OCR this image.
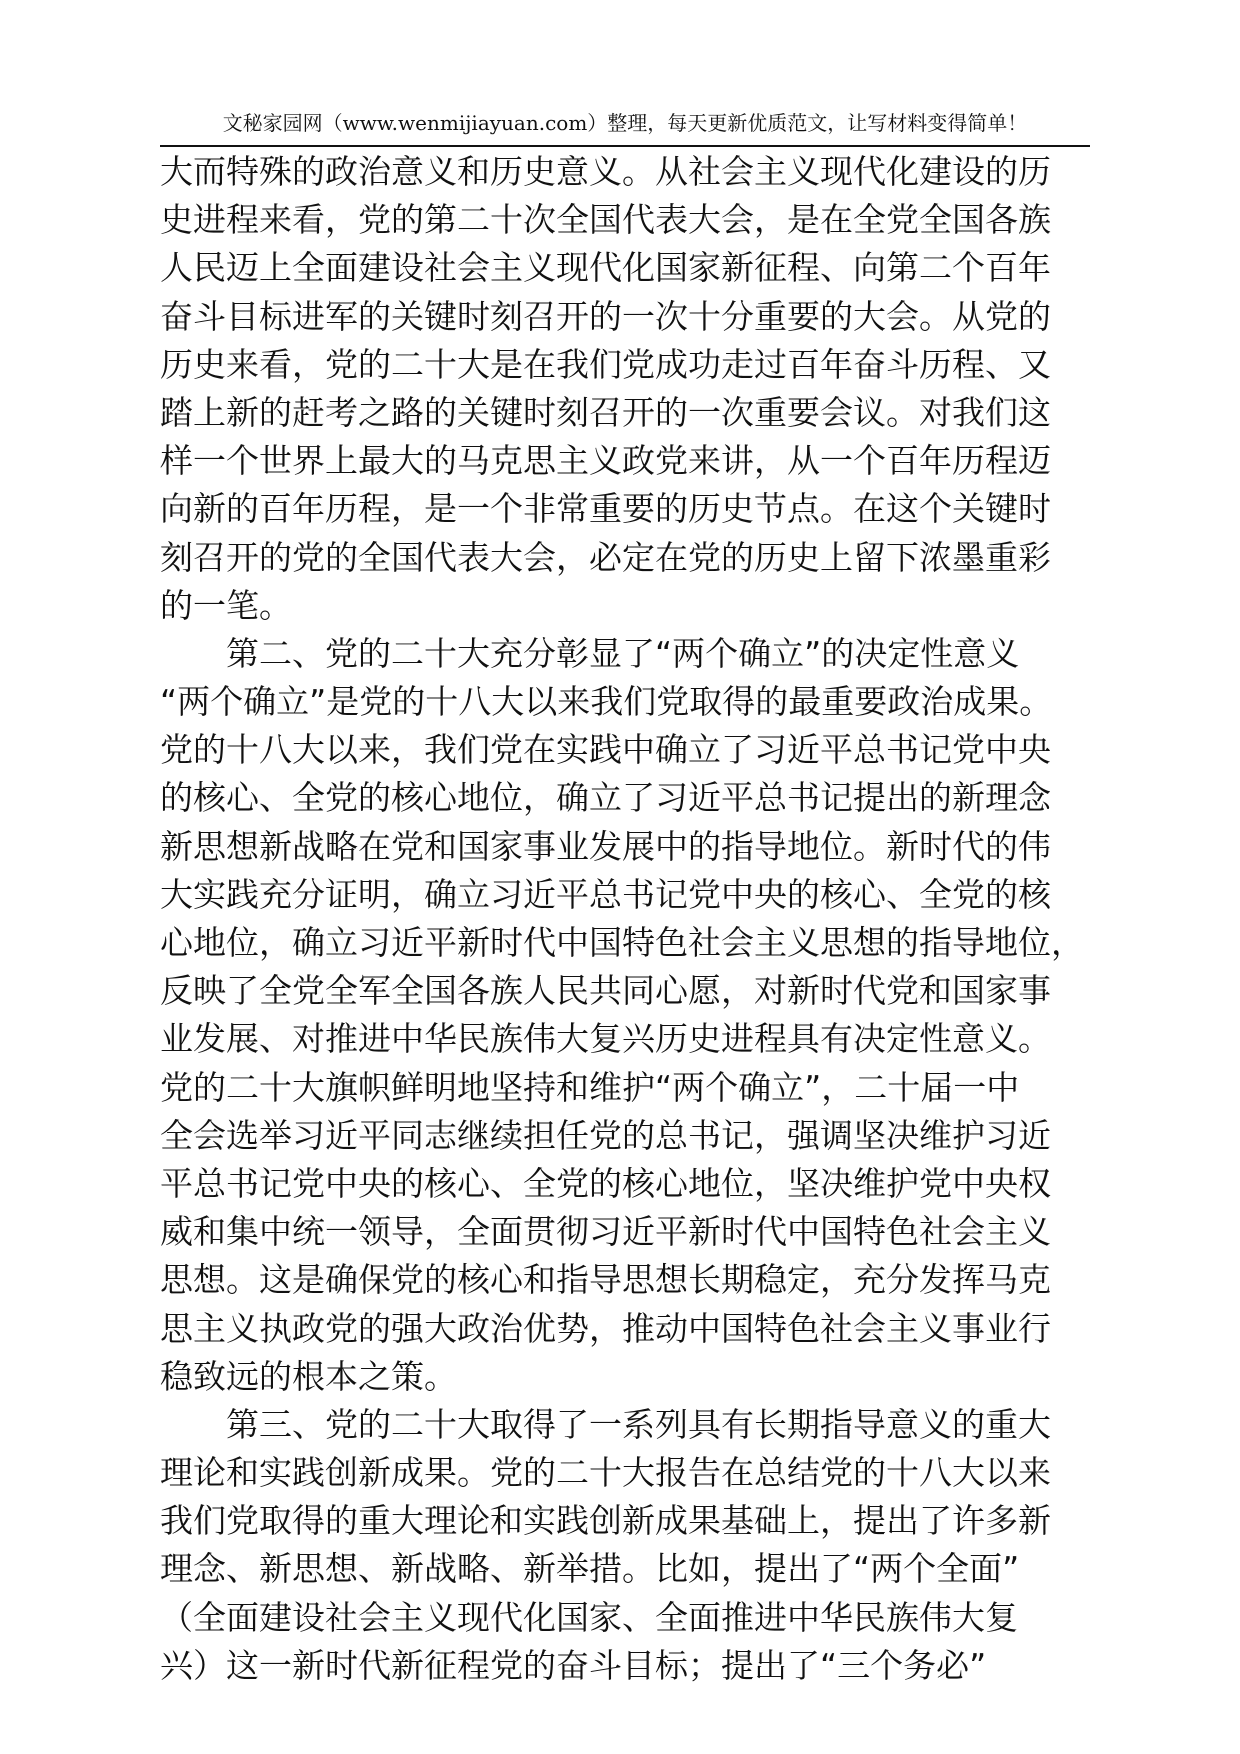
文秘家园网（www.wenmijiayuan.com）整理，每天更新优质范文，让写材料变得简单！
大而特殊的政治意义和历史意义。从社会主义现代化建设的历
史进程来看，党的第二十次全国代表大会，是在全党全国各族
人民迈上全面建设社会主义现代化国家新征程、向第二个百年
奋斗目标进军的关键时刻召开的一次十分重要的大会。从党的
历史来看，党的二十大是在我们党成功走过百年奋斗历程、又
踏上新的赶考之路的关键时刻召开的一次重要会议。对我们这
样一个世界上最大的马克思主义政党来讲，从一个百年历程迈
向新的百年历程，是一个非常重要的历史节点。在这个关键时
刻召开的党的全国代表大会，必定在党的历史上留下浓墨重彩
的一笔。
第二、党的二十大充分彰显了“两个确立”的决定性意义
“两个确立”是党的十八大以来我们党取得的最重要政治成果。
党的十八大以来，我们党在实践中确立了习近平总书记党中央
的核心、全党的核心地位，确立了习近平总书记提出的新理念
新思想新战略在党和国家事业发展中的指导地位。新时代的伟
大实践充分证明，确立习近平总书记党中央的核心、全党的核
心地位，确立习近平新时代中国特色社会主义思想的指导地位，
反映了全党全军全国各族人民共同心愿，对新时代党和国家事
业发展、对推进中华民族伟大复兴历史进程具有决定性意义。
党的二十大旗帜鲜明地坚持和维护“两个确立”，二十届一中
全会选举习近平同志继续担任党的总书记，强调坚决维护习近
平总书记党中央的核心、全党的核心地位，坚决维护党中央权
威和集中统一领导，全面贯彻习近平新时代中国特色社会主义
思想。这是确保党的核心和指导思想长期稳定，充分发挥马克
思主义执政党的强大政治优势，推动中国特色社会主义事业行
稳致远的根本之策。
第三、党的二十大取得了一系列具有长期指导意义的重大
理论和实践创新成果。党的二十大报告在总结党的十八大以来
我们党取得的重大理论和实践创新成果基础上，提出了许多新
理念、新思想、新战略、新举措。比如，提出了“两个全面”
（全面建设社会主义现代化国家、全面推进中华民族伟大复
兴）这一新时代新征程党的奋斗目标；提出了“三个务必”
